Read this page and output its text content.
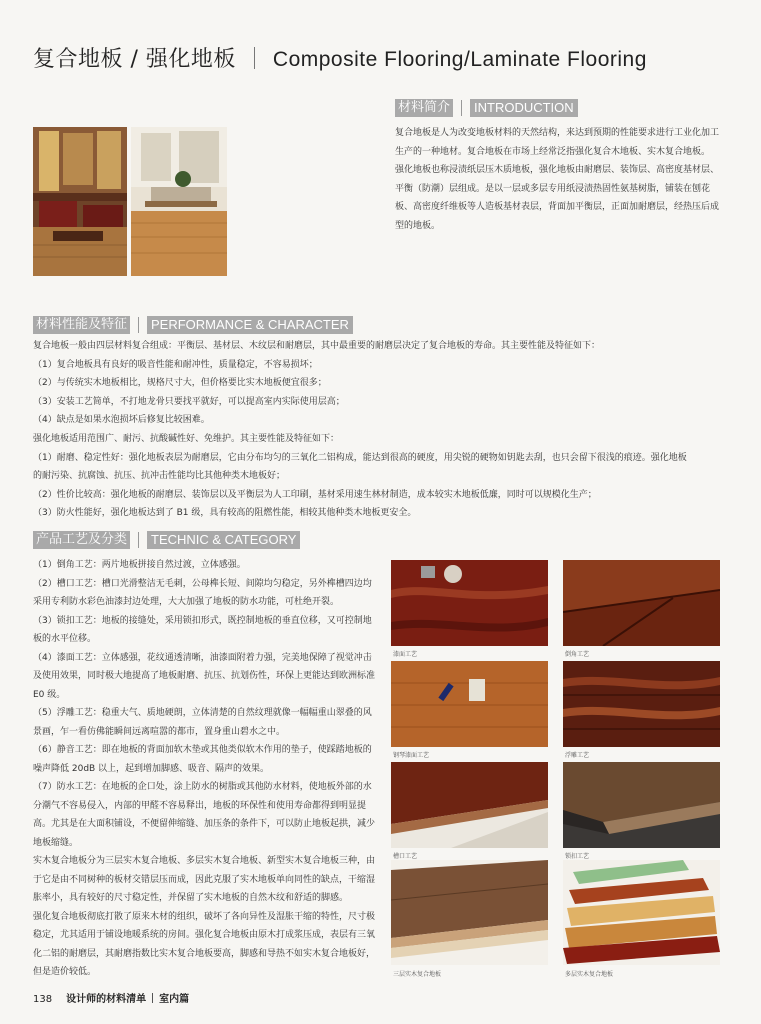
复合地板 / 强化地板 Composite Flooring/Laminate Flooring
材料简介	INTRODUCTION

复合地板是人为改变地板材料的天然结构，来达到预期的性能要求进行工业化加工生产的一种地材。复合地板在市场上经常泛指强化复合木地板、实木复合地板。

强化地板也称浸渍纸层压木质地板，强化地板由耐磨层、装饰层、高密度基材层、平衡（防潮）层组成。是以一层或多层专用纸浸渍热固性氨基树脂，铺装在刨花板、高密度纤维板等人造板基材表层，背面加平衡层，正面加耐磨层，经热压后成型的地板。

材料性能及特征	PERFORMANCE & CHARACTER

复合地板一般由四层材料复合组成：平衡层、基材层、木纹层和耐磨层，其中最重要的耐磨层决定了复合地板的寿命。其主要性能及特征如下：

（1）复合地板具有良好的吸音性能和耐冲性，质量稳定，不容易损坏；

（2）与传统实木地板相比，规格尺寸大，但价格要比实木地板便宜很多；

（3）安装工艺简单，不打地龙骨只要找平就好，可以提高室内实际使用层高；

（4）缺点是如果水泡损坏后修复比较困难。

强化地板适用范围广、耐污、抗酸碱性好、免维护。其主要性能及特征如下：

（1）耐磨、稳定性好：强化地板表层为耐磨层，它由分布均匀的三氧化二铝构成，能达到很高的硬度，用尖锐的硬物如钥匙去刮，也只会留下很浅的痕迹。强化地板的耐污染、抗腐蚀、抗压、抗冲击性能均比其他种类木地板好；

（2）性价比较高：强化地板的耐磨层、装饰层以及平衡层为人工印刷，基材采用速生林材制造，成本较实木地板低廉，同时可以规模化生产；

（3）防火性能好，强化地板达到了 B1 级，具有较高的阻燃性能，相较其他种类木地板更安全。

产品工艺及分类	TECHNIC & CATEGORY

（1）倒角工艺：两片地板拼接自然过渡，立体感强。

（2）槽口工艺：槽口光滑整洁无毛刺，公母榫长短、间隙均匀稳定，另外榫槽四边均采用专利防水彩色油漆封边处理，大大加强了地板的防水功能，可杜绝开裂。

（3）锁扣工艺：地板的接缝处，采用锁扣形式，既控制地板的垂直位移，又可控制地板的水平位移。

（4）漆面工艺：立体感强，花纹通透清晰，油漆面附着力强，完美地保障了视觉冲击及使用效果，同时极大地提高了地板耐磨、抗压、抗划伤性，环保上更能达到欧洲标准 E0 级。

（5）浮雕工艺：稳重大气、质地硬朗，立体清楚的自然纹理就像一幅幅重山翠叠的风景画，乍一看仿佛能瞬间远离喧嚣的都市，置身重山碧水之中。

（6）静音工艺：即在地板的背面加软木垫或其他类似软木作用的垫子，使踩踏地板的噪声降低 20dB 以上，起到增加脚感、吸音、隔声的效果。

（7）防水工艺：在地板的企口处，涂上防水的树脂或其他防水材料，使地板外部的水分潮气不容易侵入，内部的甲醛不容易释出，地板的环保性和使用寿命都得到明显提高。尤其是在大面积铺设，不便留伸缩缝、加压条的条件下，可以防止地板起拱，减少地板缩缝。

实木复合地板分为三层实木复合地板、多层实木复合地板、新型实木复合地板三种，由于它是由不同树种的板材交错层压而成，因此克服了实木地板单向同性的缺点，干缩湿胀率小，具有较好的尺寸稳定性，并保留了实木地板的自然木纹和舒适的脚感。

强化复合地板彻底打散了原来木材的组织，破坏了各向异性及湿胀干缩的特性，尺寸极稳定，尤其适用于铺设地暖系统的房间。强化复合地板由原木打成浆压成，表层有三氧化二铝的耐磨层，其耐磨指数比实木复合地板要高，脚感和导热不如实木复合地板好，但是造价较低。

漆面工艺	倒角工艺
钢琴漆面工艺	浮雕工艺
槽口工艺	锁扣工艺
三层实木复合地板	多层实木复合地板
138 设计师的材料清单 室内篇
